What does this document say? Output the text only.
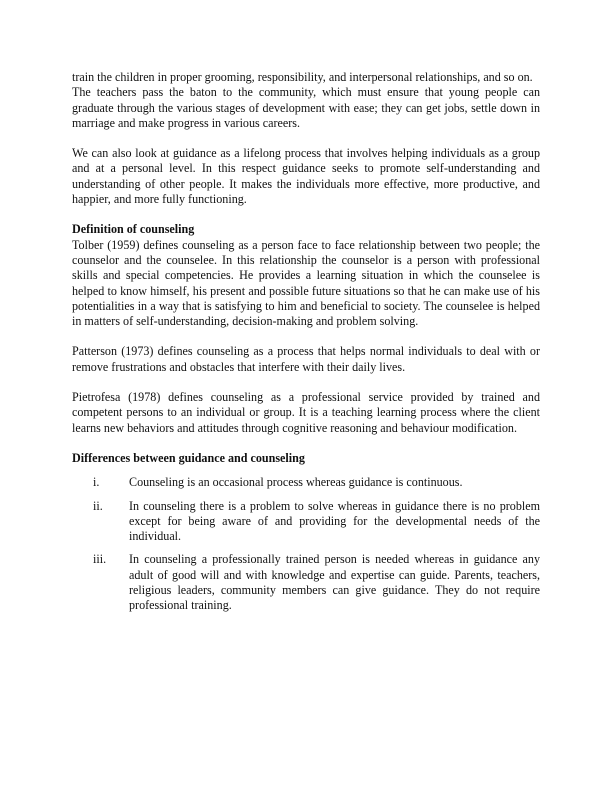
train the children in proper grooming, responsibility, and interpersonal relationships, and so on.

The teachers pass the baton to the community, which must ensure that young people can graduate through the various stages of development with ease; they can get jobs, settle down in marriage and make progress in various careers.

We can also look at guidance as a lifelong process that involves helping individuals as a group and at a personal level. In this respect guidance seeks to promote self-understanding and understanding of other people. It makes the individuals more effective, more productive, and happier, and more fully functioning.

Definition of counseling

Tolber (1959) defines counseling as a person face to face relationship between two people; the counselor and the counselee. In this relationship the counselor is a person with professional skills and special competencies. He provides a learning situation in which the counselee is helped to know himself, his present and possible future situations so that he can make use of his potentialities in a way that is satisfying to him and beneficial to society. The counselee is helped in matters of self-understanding, decision-making and problem solving.

Patterson (1973) defines counseling as a process that helps normal individuals to deal with or remove frustrations and obstacles that interfere with their daily lives.

Pietrofesa (1978) defines counseling as a professional service provided by trained and competent persons to an individual or group. It is a teaching learning process where the client learns new behaviors and attitudes through cognitive reasoning and behaviour modification.

Differences between guidance and counseling

i. Counseling is an occasional process whereas guidance is continuous.
ii. In counseling there is a problem to solve whereas in guidance there is no problem except for being aware of and providing for the developmental needs of the individual.
iii. In counseling a professionally trained person is needed whereas in guidance any adult of good will and with knowledge and expertise can guide. Parents, teachers, religious leaders, community members can give guidance. They do not require professional training.
